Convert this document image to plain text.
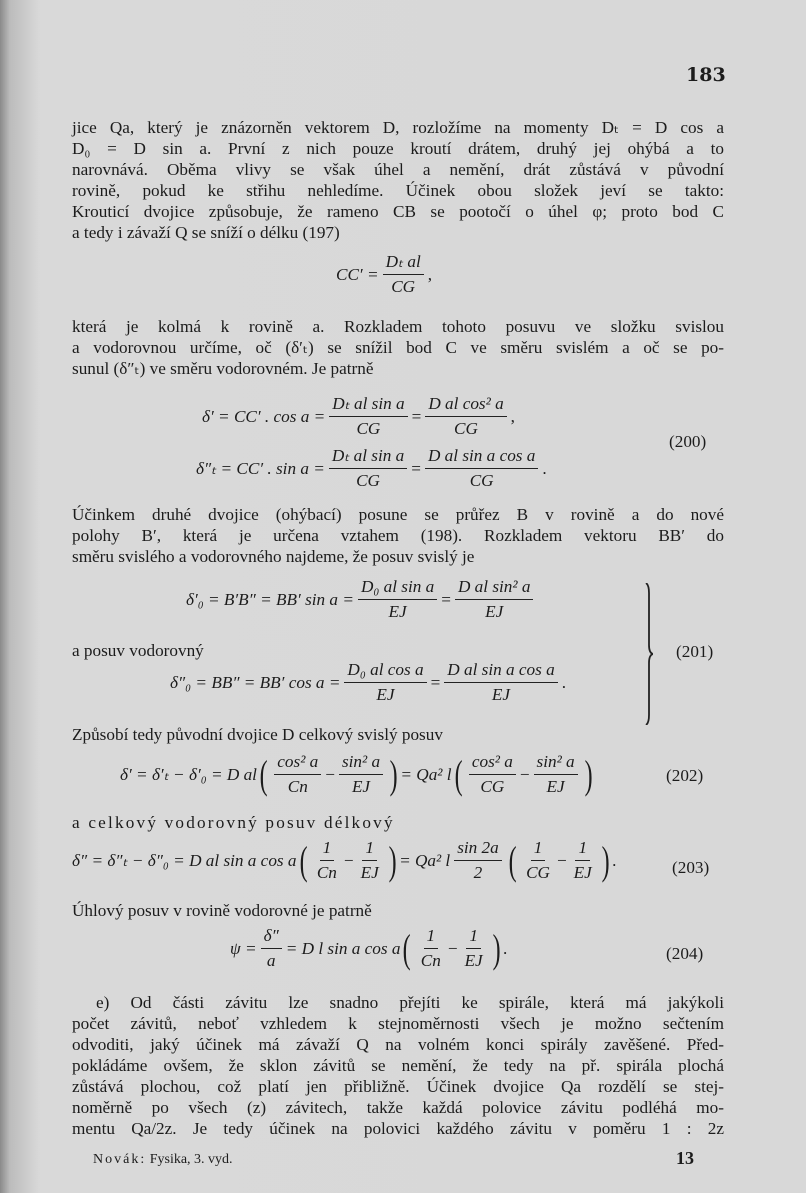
183
jice Qa, který je znázorněn vektorem D, rozložíme na momenty Dₜ = D cos a
D₀ = D sin a. První z nich pouze kroutí drátem, druhý jej ohýbá a to
narovnává. Oběma vlivy se však úhel a nemění, drát zůstává v původní
rovině, pokud ke střihu nehledíme. Účinek obou složek jeví se takto:
Krouticí dvojice způsobuje, že rameno CB se pootočí o úhel φ; proto bod C
a tedy i závaží Q se sníží o délku (197)
$CC' = \frac{\text{Dₜ al}}{CG}$ ,
která je kolmá k rovině a. Rozkladem tohoto posuvu ve složku svislou
a vodorovnou určíme, oč (δ′ₜ) se snížil bod C ve směru svislém a oč se po-
sunul (δ″ₜ) ve směru vodorovném. Je patrně
δ′ = CC′ . $\cos a = \frac{\text{Dₜ al sin a}}{CG} = \frac{\text{D al cos² a}}{CG}$ ,
(200)
δ″ₜ = CC′ . $\sin a = \frac{\text{Dₜ al sin a}}{CG} = \frac{\text{D al sin a cos a}}{CG}$ .
Účinkem druhé dvojice (ohýbací) posune se průřez B v rovině a do nové
polohy B′, která je určena vztahem (198). Rozkladem vektoru BB′ do
směru svislého a vodorovného najdeme, že posuv svislý je
δ′₀ = B′B″ = BB′ $\sin a = \frac{\text{D₀ al sin a}}{EJ} = \frac{\text{D al sin² a}}{EJ}$
a posuv vodorovný	(201)
δ″₀ = BB″ = BB′ $\cos a = \frac{\text{D₀ al cos a}}{EJ} = \frac{\text{D al sin a cos a}}{EJ}$ .
Způsobí tedy původní dvojice D celkový svislý posuv
δ′ = δ′ₜ − δ′₀ = D al ( $\frac{\text{cos² a}}{Cn} - \frac{\text{sin² a}}{EJ}$ ) = Qa² l ( $\frac{\text{cos² a}}{CG} - \frac{\text{sin² a}}{EJ}$ )	(202)
a celkový vodorovný posuv délkový
δ″ = δ″ₜ − δ″₀ = D al sin a cos a ( $\frac{1}{Cn} - \frac{1}{EJ}$ ) = Qa² l $\frac{\sin 2a}{2}$ ( $\frac{1}{CG} - \frac{1}{EJ}$ ) .	(203)
Úhlový posuv v rovině vodorovné je patrně
$\psi = \frac{\delta''}{a} = D$ l sin a cos a ( $\frac{1}{Cn} - \frac{1}{EJ}$ ) .	(204)
e) Od části závitu lze snadno přejíti ke spirále, která má jakýkoli
počet závitů, neboť vzhledem k stejnoměrnosti všech je možno sečtením
odvoditi, jaký účinek má závaží Q na volném konci spirály zavěšené. Před-
pokládáme ovšem, že sklon závitů se nemění, že tedy na př. spirála plochá
zůstává plochou, což platí jen přibližně. Účinek dvojice Qa rozdělí se stej-
noměrně po všech (z) závitech, takže každá polovice závitu podléhá mo-
mentu Qa/2z. Je tedy účinek na polovici každého závitu v poměru 1 : 2z
Novák: Fysika, 3. vyd.	13
